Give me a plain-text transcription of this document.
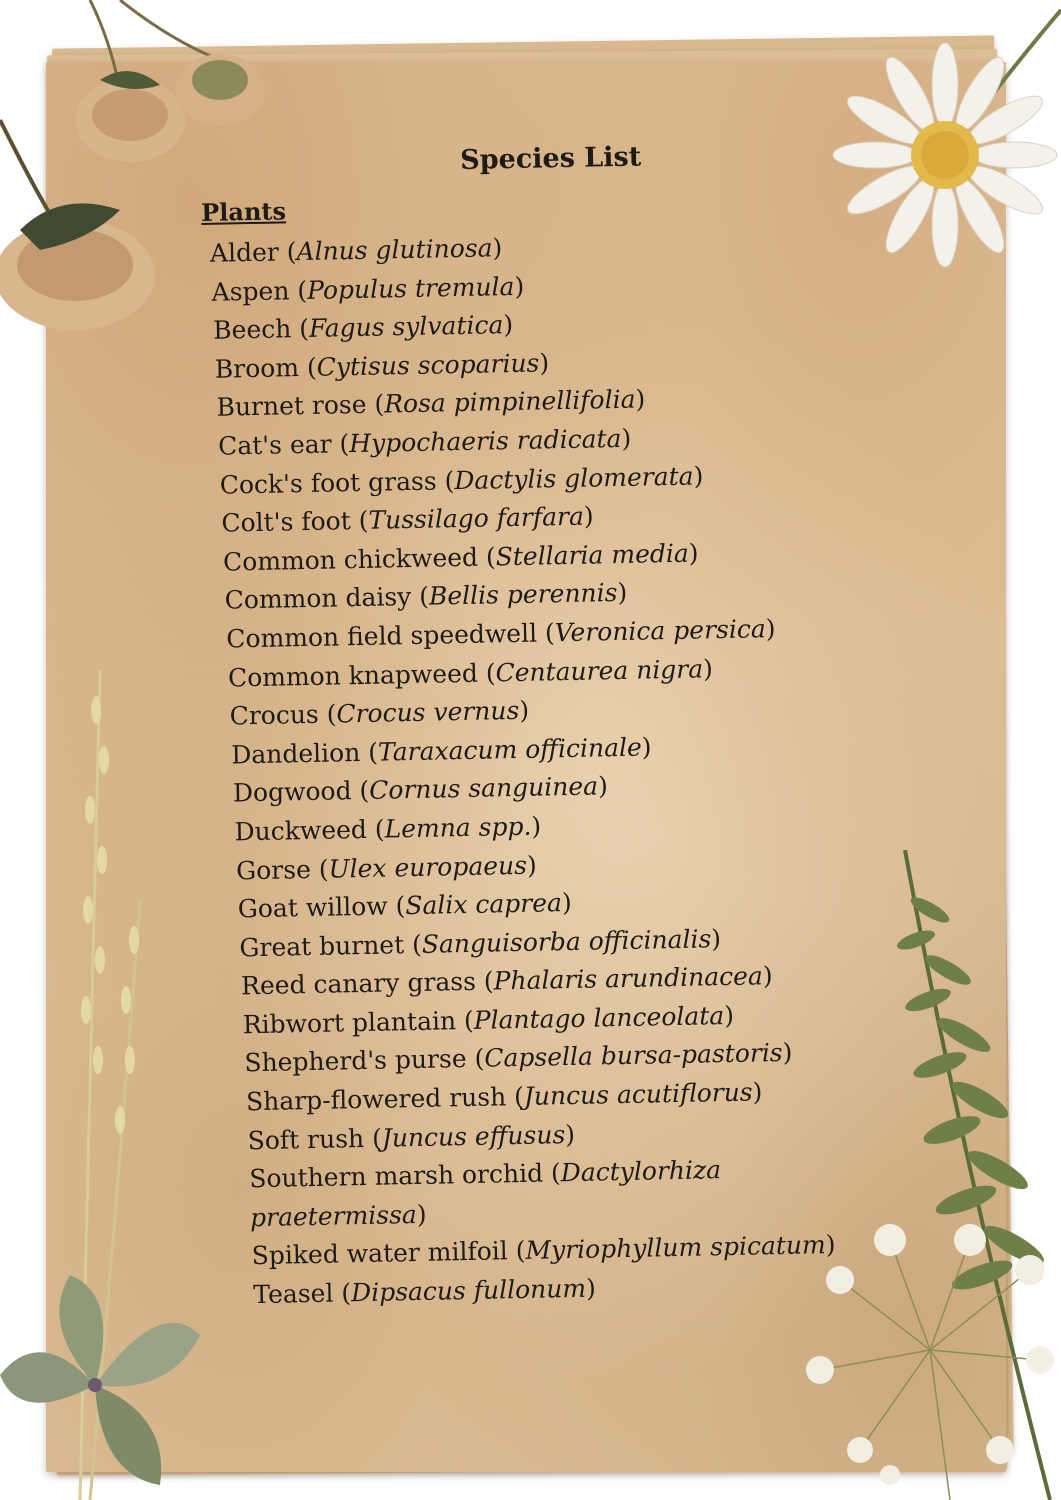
Species List
Plants
Alder (Alnus glutinosa)
Aspen (Populus tremula)
Beech (Fagus sylvatica)
Broom (Cytisus scoparius)
Burnet rose (Rosa pimpinellifolia)
Cat's ear (Hypochaeris radicata)
Cock's foot grass (Dactylis glomerata)
Colt's foot (Tussilago farfara)
Common chickweed (Stellaria media)
Common daisy (Bellis perennis)
Common field speedwell (Veronica persica)
Common knapweed (Centaurea nigra)
Crocus (Crocus vernus)
Dandelion (Taraxacum officinale)
Dogwood (Cornus sanguinea)
Duckweed (Lemna spp.)
Gorse (Ulex europaeus)
Goat willow (Salix caprea)
Great burnet (Sanguisorba officinalis)
Reed canary grass (Phalaris arundinacea)
Ribwort plantain (Plantago lanceolata)
Shepherd's purse (Capsella bursa-pastoris)
Sharp-flowered rush (Juncus acutiflorus)
Soft rush (Juncus effusus)
Southern marsh orchid (Dactylorhiza praetermissa)
Spiked water milfoil (Myriophyllum spicatum)
Teasel (Dipsacus fullonum)
